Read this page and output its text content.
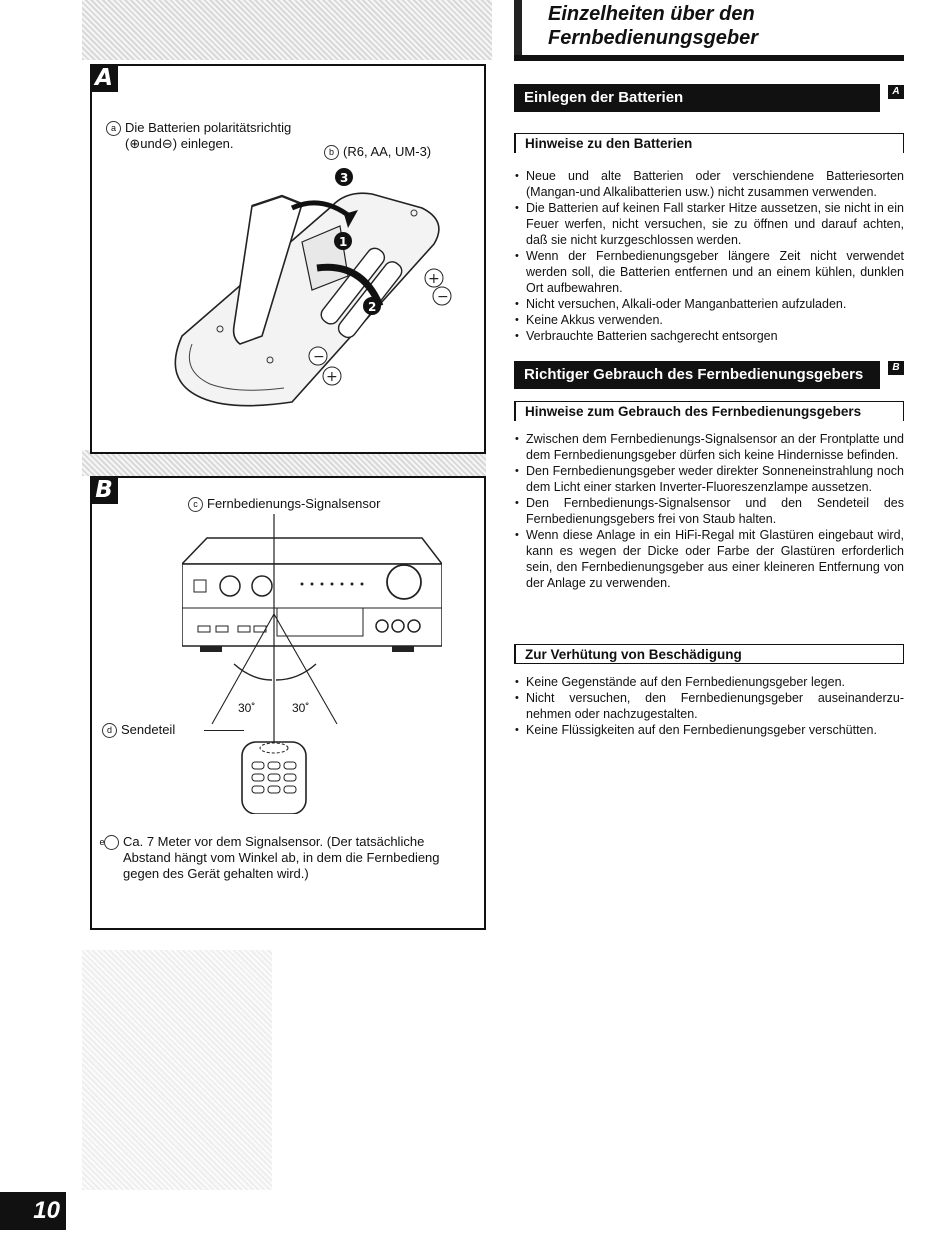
A
a Die Batterien polaritätsrichtig
(⊕und⊖) einlegen.
b (R6, AA, UM-3)
+
−
−
+
1
2
3
B
c Fernbedienungs-Signalsensor
30˚	30˚
d Sendeteil
e Ca. 7 Meter vor dem Signalsensor. (Der tatsächliche Abstand hängt vom Winkel ab, in dem die Fernbedieng gegen des Gerät gehalten wird.)
Einzelheiten über den
Fernbedienungsgeber
Einlegen der Batterien	A
Hinweise zu den Batterien
• Neue und alte Batterien oder verschiendene Batteriesorten (Mangan-und Alkalibatterien usw.) nicht zusammen verwenden.
• Die Batterien auf keinen Fall starker Hitze aussetzen, sie nicht in ein Feuer werfen, nicht versuchen, sie zu öffnen und darauf achten, daß sie nicht kurzgeschlossen werden.
• Wenn der Fernbedienungsgeber längere Zeit nicht verwendet werden soll, die Batterien entfernen und an einem kühlen, dunklen Ort aufbewahren.
• Nicht versuchen, Alkali-oder Manganbatterien aufzuladen.
• Keine Akkus verwenden.
• Verbrauchte Batterien sachgerecht entsorgen
Richtiger Gebrauch des Fernbedienungsgebers	B
Hinweise zum Gebrauch des Fernbedienungsgebers
• Zwischen dem Fernbedienungs-Signalsensor an der Frontplatte und dem Fernbedienungsgeber dürfen sich keine Hindernisse befinden.
• Den Fernbedienungsgeber weder direkter Sonneneinstrahlung noch dem Licht einer starken Inverter-Fluoreszenzlampe aussetzen.
• Den Fernbedienungs-Signalsensor und den Sendeteil des Fernbedienungsgebers frei von Staub halten.
• Wenn diese Anlage in ein HiFi-Regal mit Glastüren eingebaut wird, kann es wegen der Dicke oder Farbe der Glastüren erforderlich sein, den Fernbedienungsgeber aus einer kleineren Entfernung von der Anlage zu verwenden.
Zur Verhütung von Beschädigung
• Keine Gegenstände auf den Fernbedienungsgeber legen.
• Nicht versuchen, den Fernbedienungsgeber auseinanderzu-nehmen oder nachzugestalten.
• Keine Flüssigkeiten auf den Fernbedienungsgeber verschütten.
10
